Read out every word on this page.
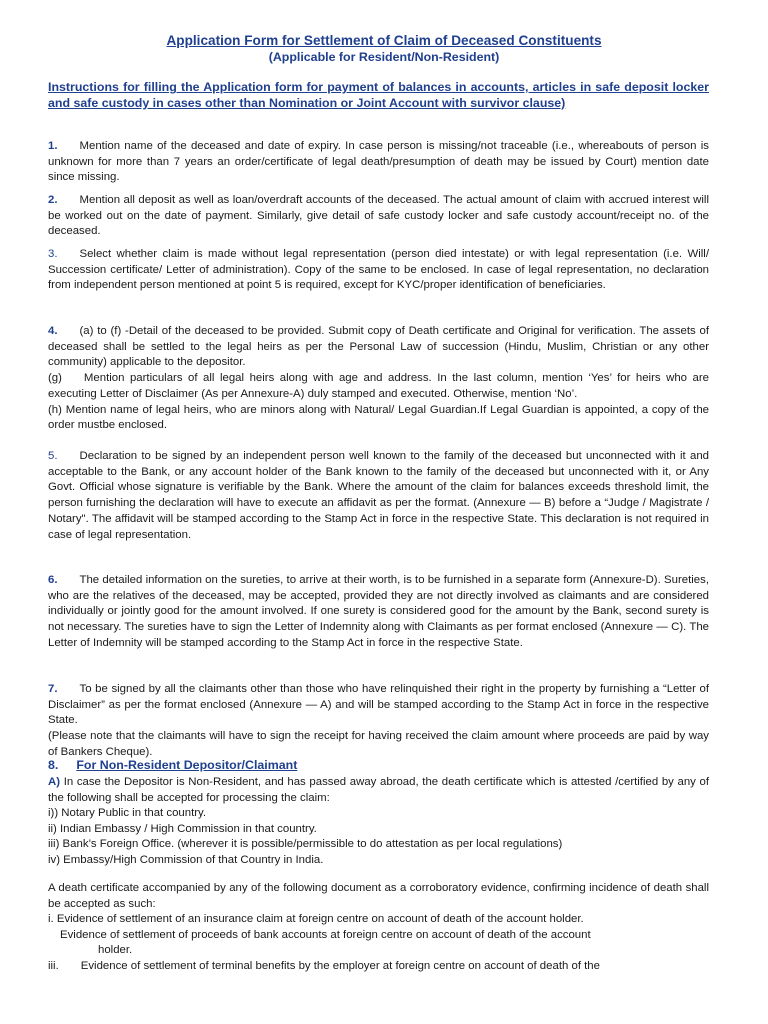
Application Form for Settlement of Claim of Deceased Constituents
(Applicable for Resident/Non-Resident)
Instructions for filling the Application form for payment of balances in accounts, articles in safe deposit locker and safe custody in cases other than Nomination or Joint Account with survivor clause)
1. Mention name of the deceased and date of expiry. In case person is missing/not traceable (i.e., whereabouts of person is unknown for more than 7 years an order/certificate of legal death/presumption of death may be issued by Court) mention date since missing.
2. Mention all deposit as well as loan/overdraft accounts of the deceased. The actual amount of claim with accrued interest will be worked out on the date of payment. Similarly, give detail of safe custody locker and safe custody account/receipt no. of the deceased.
3. Select whether claim is made without legal representation (person died intestate) or with legal representation (i.e. Will/ Succession certificate/ Letter of administration). Copy of the same to be enclosed. In case of legal representation, no declaration from independent person mentioned at point 5 is required, except for KYC/proper identification of beneficiaries.
4. (a) to (f) -Detail of the deceased to be provided. Submit copy of Death certificate and Original for verification. The assets of deceased shall be settled to the legal heirs as per the Personal Law of succession (Hindu, Muslim, Christian or any other community) applicable to the depositor.
(g) Mention particulars of all legal heirs along with age and address. In the last column, mention ‘Yes’ for heirs who are executing Letter of Disclaimer (As per Annexure-A) duly stamped and executed. Otherwise, mention ‘No’.
(h) Mention name of legal heirs, who are minors along with Natural/ Legal Guardian.If Legal Guardian is appointed, a copy of the order mustbe enclosed.
5. Declaration to be signed by an independent person well known to the family of the deceased but unconnected with it and acceptable to the Bank, or any account holder of the Bank known to the family of the deceased but unconnected with it, or Any Govt. Official whose signature is verifiable by the Bank. Where the amount of the claim for balances exceeds threshold limit, the person furnishing the declaration will have to execute an affidavit as per the format. (Annexure — B) before a “Judge / Magistrate / Notary". The affidavit will be stamped according to the Stamp Act in force in the respective State. This declaration is not required in case of legal representation.
6. The detailed information on the sureties, to arrive at their worth, is to be furnished in a separate form (Annexure-D). Sureties, who are the relatives of the deceased, may be accepted, provided they are not directly involved as claimants and are considered individually or jointly good for the amount involved. If one surety is considered good for the amount by the Bank, second surety is not necessary. The sureties have to sign the Letter of Indemnity along with Claimants as per format enclosed (Annexure — C). The Letter of Indemnity will be stamped according to the Stamp Act in force in the respective State.
7. To be signed by all the claimants other than those who have relinquished their right in the property by furnishing a “Letter of Disclaimer” as per the format enclosed (Annexure — A) and will be stamped according to the Stamp Act in force in the respective State.
(Please note that the claimants will have to sign the receipt for having received the claim amount where proceeds are paid by way of Bankers Cheque).
8. For Non-Resident Depositor/Claimant
A) In case the Depositor is Non-Resident, and has passed away abroad, the death certificate which is attested /certified by any of the following shall be accepted for processing the claim:
i)) Notary Public in that country.
ii) Indian Embassy / High Commission in that country.
iii) Bank’s Foreign Office. (wherever it is possible/permissible to do attestation as per local regulations)
iv) Embassy/High Commission of that Country in India.
A death certificate accompanied by any of the following document as a corroboratory evidence, confirming incidence of death shall be accepted as such:
i. Evidence of settlement of an insurance claim at foreign centre on account of death of the account holder.
Evidence of settlement of proceeds of bank accounts at foreign centre on account of death of the account
holder.
iii. Evidence of settlement of terminal benefits by the employer at foreign centre on account of death of the
